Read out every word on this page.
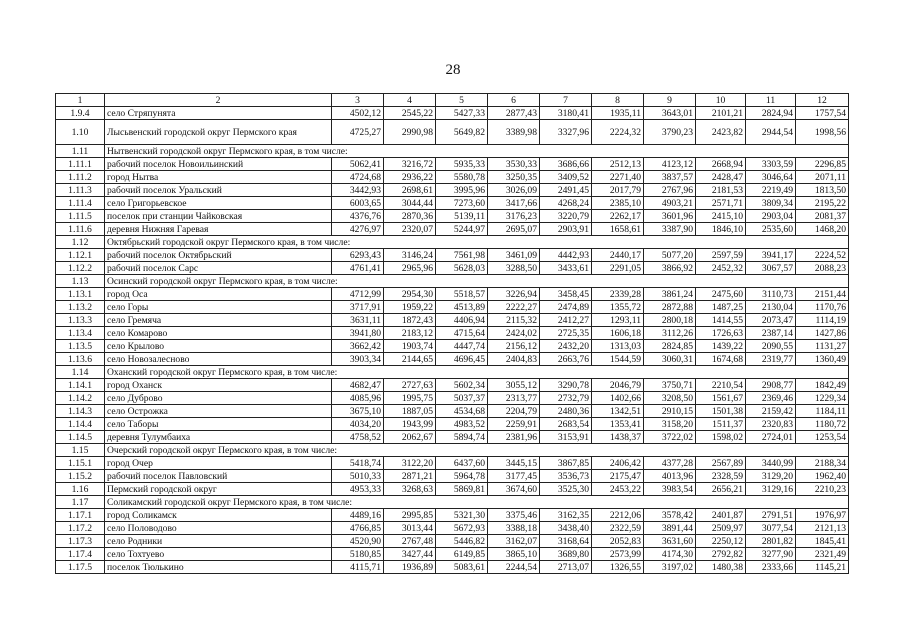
28
1	2	3	4	5	6	7	8	9	10	11	12
1.9.4	село Стряпунята	4502,12	2545,22	5427,33	2877,43	3180,41	1935,11	3643,01	2101,21	2824,94	1757,54
1.10	Лысьвенский городской округ Пермского края	4725,27	2990,98	5649,82	3389,98	3327,96	2224,32	3790,23	2423,82	2944,54	1998,56
1.11	Нытвенский городской округ Пермского края, в том числе:										
1.11.1	рабочий поселок Новоильинский	5062,41	3216,72	5935,33	3530,33	3686,66	2512,13	4123,12	2668,94	3303,59	2296,85
1.11.2	город Нытва	4724,68	2936,22	5580,78	3250,35	3409,52	2271,40	3837,57	2428,47	3046,64	2071,11
1.11.3	рабочий поселок Уральский	3442,93	2698,61	3995,96	3026,09	2491,45	2017,79	2767,96	2181,53	2219,49	1813,50
1.11.4	село Григорьевское	6003,65	3044,44	7273,60	3417,66	4268,24	2385,10	4903,21	2571,71	3809,34	2195,22
1.11.5	поселок при станции Чайковская	4376,76	2870,36	5139,11	3176,23	3220,79	2262,17	3601,96	2415,10	2903,04	2081,37
1.11.6	деревня Нижняя Гаревая	4276,97	2320,07	5244,97	2695,07	2903,91	1658,61	3387,90	1846,10	2535,60	1468,20
1.12	Октябрьский городской округ Пермского края, в том числе:										
1.12.1	рабочий поселок Октябрьский	6293,43	3146,24	7561,98	3461,09	4442,93	2440,17	5077,20	2597,59	3941,17	2224,52
1.12.2	рабочий поселок Сарс	4761,41	2965,96	5628,03	3288,50	3433,61	2291,05	3866,92	2452,32	3067,57	2088,23
1.13	Осинский городской округ Пермского края, в том числе:										
1.13.1	город Оса	4712,99	2954,30	5518,57	3226,94	3458,45	2339,28	3861,24	2475,60	3110,73	2151,44
1.13.2	село Горы	3717,91	1959,22	4513,89	2222,27	2474,89	1355,72	2872,88	1487,25	2130,04	1170,76
1.13.3	село Гремяча	3631,11	1872,43	4406,94	2115,32	2412,27	1293,11	2800,18	1414,55	2073,47	1114,19
1.13.4	село Комарово	3941,80	2183,12	4715,64	2424,02	2725,35	1606,18	3112,26	1726,63	2387,14	1427,86
1.13.5	село Крылово	3662,42	1903,74	4447,74	2156,12	2432,20	1313,03	2824,85	1439,22	2090,55	1131,27
1.13.6	село Новозалесново	3903,34	2144,65	4696,45	2404,83	2663,76	1544,59	3060,31	1674,68	2319,77	1360,49
1.14	Оханский городской округ Пермского края, в том числе:										
1.14.1	город Оханск	4682,47	2727,63	5602,34	3055,12	3290,78	2046,79	3750,71	2210,54	2908,77	1842,49
1.14.2	село Дуброво	4085,96	1995,75	5037,37	2313,77	2732,79	1402,66	3208,50	1561,67	2369,46	1229,34
1.14.3	село Острожка	3675,10	1887,05	4534,68	2204,79	2480,36	1342,51	2910,15	1501,38	2159,42	1184,11
1.14.4	село Таборы	4034,20	1943,99	4983,52	2259,91	2683,54	1353,41	3158,20	1511,37	2320,83	1180,72
1.14.5	деревня Тулумбаиха	4758,52	2062,67	5894,74	2381,96	3153,91	1438,37	3722,02	1598,02	2724,01	1253,54
1.15	Очерский городской округ Пермского края, в том числе:										
1.15.1	город Очер	5418,74	3122,20	6437,60	3445,15	3867,85	2406,42	4377,28	2567,89	3440,99	2188,34
1.15.2	рабочий поселок Павловский	5010,33	2871,21	5964,78	3177,45	3536,73	2175,47	4013,96	2328,59	3129,20	1962,40
1.16	Пермский городской округ	4953,33	3268,63	5869,81	3674,60	3525,30	2453,22	3983,54	2656,21	3129,16	2210,23
1.17	Соликамский городской округ Пермского края, в том числе:										
1.17.1	город Соликамск	4489,16	2995,85	5321,30	3375,46	3162,35	2212,06	3578,42	2401,87	2791,51	1976,97
1.17.2	село Половодово	4766,85	3013,44	5672,93	3388,18	3438,40	2322,59	3891,44	2509,97	3077,54	2121,13
1.17.3	село Родники	4520,90	2767,48	5446,82	3162,07	3168,64	2052,83	3631,60	2250,12	2801,82	1845,41
1.17.4	село Тохтуево	5180,85	3427,44	6149,85	3865,10	3689,80	2573,99	4174,30	2792,82	3277,90	2321,49
1.17.5	поселок Тюлькино	4115,71	1936,89	5083,61	2244,54	2713,07	1326,55	3197,02	1480,38	2333,66	1145,21
